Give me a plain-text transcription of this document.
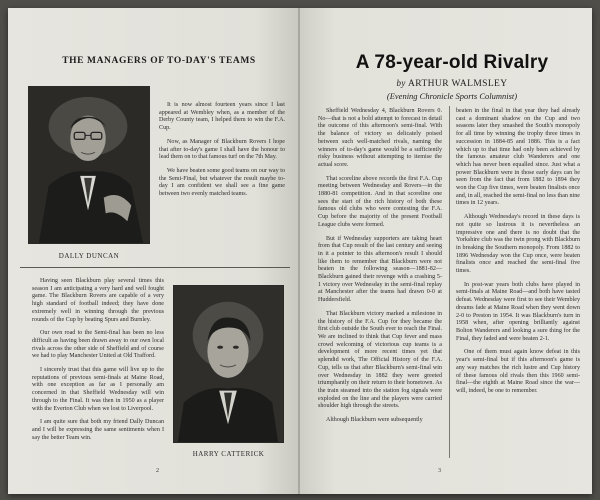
THE MANAGERS OF TO-DAY'S TEAMS
DALLY DUNCAN

It is now almost fourteen years since I last appeared at Wembley when, as a member of the Derby County team, I helped them to win the F.A. Cup.

Now, as Manager of Blackburn Rovers I hope that after to-day's game I shall have the honour to lead them on to that famous turf on the 7th May.

We have beaten some good teams on our way to the Semi-Final, but whatever the result maybe to-day I am confident we shall see a fine game between two evenly matched teams.

Having seen Blackburn play several times this season I am anticipating a very hard and well fought game. The Blackburn Rovers are capable of a very high standard of football indeed; they have done extremely well in winning through the previous rounds of the Cup by beating Spurs and Burnley.

Our own road to the Semi-final has been no less difficult as having been drawn away to our own local rivals across the other side of Sheffield and of course we had to play Manchester United at Old Trafford.

I sincerely trust that this game will live up to the reputations of previous semi-finals at Maine Road, with one exception as far as I personally am concerned in that Sheffield Wednesday will win through to the Final. It was then in 1950 as a player with the Everton Club when we lost to Liverpool.

I am quite sure that both my friend Dally Duncan and I will be expressing the same sentiments when I say the better Team win.

HARRY CATTERICK
2
A 78-year-old Rivalry
by ARTHUR WALMSLEY
(Evening Chronicle Sports Columnist)

Sheffield Wednesday 4, Blackburn Rovers 0. No—that is not a bold attempt to forecast in detail the outcome of this afternoon's semi-final. With the balance of victory so delicately poised between such well-matched rivals, naming the winners of to-day's game would be a sufficiently risky business without attempting to itemise the actual score.

That scoreline above records the first F.A. Cup meeting between Wednesday and Rovers—in the 1880-81 competition. And in that scoreline one sees the start of the rich history of both these famous old clubs who were contesting the F.A. Cup before the majority of the present Football League clubs were formed.

But if Wednesday supporters are taking heart from that Cup result of the last century and seeing in it a pointer to this afternoon's result I should like them to remember that Blackburn were not beaten in the following season—1881-82—Blackburn gained their revenge with a crashing 5-1 victory over Wednesday in the semi-final replay at Manchester after the teams had drawn 0-0 at Huddersfield.

That Blackburn victory marked a milestone in the history of the F.A. Cup for they became the first club outside the South ever to reach the Final. We are inclined to think that Cup fever and mass crowd welcoming of victorious cup teams is a development of more recent times yet that splendid work, The Official History of the F.A. Cup, tells us that after Blackburn's semi-final win over Wednesday in 1882 they were greeted triumphantly on their return to their hometown. As the train steamed into the station fog signals were exploded on the line and the players were carried shoulder high through the streets.

Although Blackburn were subsequently

beaten in the final in that year they had already cast a dominant shadow on the Cup and two seasons later they smashed the South's monopoly for all time by winning the trophy three times in succession in 1884-85 and 1886. This is a fact which up to that time had only been achieved by the famous amateur club Wanderers and one which has never been equalled since. Just what a power Blackburn were in those early days can be seen from the fact that from 1882 to 1894 they won the Cup five times, were beaten finalists once and, in all, reached the semi-final no less than nine times in 12 years.

Although Wednesday's record in these days is not quite so lustrous it is nevertheless an impressive one and there is no doubt that the Yorkshire club was the twin prong with Blackburn in breaking the Southern monopoly. From 1882 to 1896 Wednesday won the Cup once, were beaten finalists once and reached the semi-final five times.

In post-war years both clubs have played in semi-finals at Maine Road—and both have tasted defeat. Wednesday were first to see their Wembley dreams fade at Maine Road when they went down 2-0 to Preston in 1954. It was Blackburn's turn in 1958 when, after opening brilliantly against Bolton Wanderers and looking a sure thing for the Final, they faded and were beaten 2-1.

One of them must again know defeat in this year's semi-final but if this afternoon's game is any way matches the rich lustre and Cup history of these famous old rivals then this 1960 semi-final—the eighth at Maine Road since the war—will, indeed, be one to remember.

3
